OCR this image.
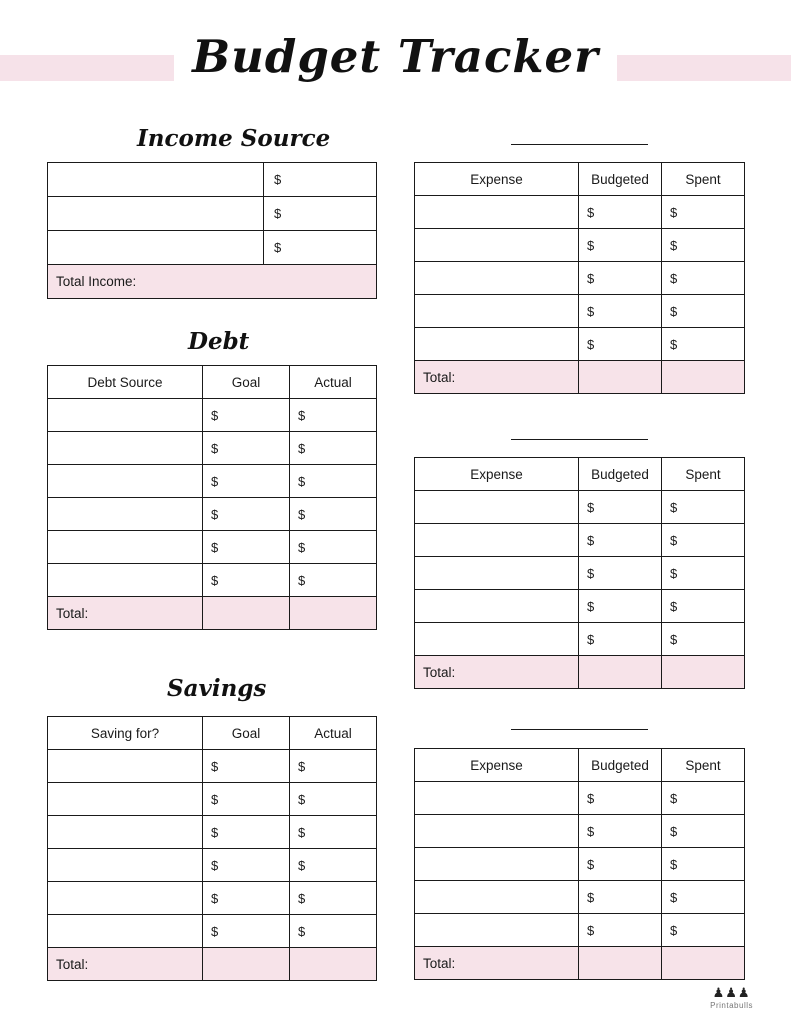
Budget Tracker
Income Source
	$
	$
	$
Total Income:	
Debt
Debt Source	Goal	Actual
	$	$
	$	$
	$	$
	$	$
	$	$
	$	$
Total:		
Savings
Saving for?	Goal	Actual
	$	$
	$	$
	$	$
	$	$
	$	$
	$	$
Total:		
Expense	Budgeted	Spent
	$	$
	$	$
	$	$
	$	$
	$	$
Total:		
Expense	Budgeted	Spent
	$	$
	$	$
	$	$
	$	$
	$	$
Total:		
Expense	Budgeted	Spent
	$	$
	$	$
	$	$
	$	$
	$	$
Total:		
♟♟♟
Printabulls
